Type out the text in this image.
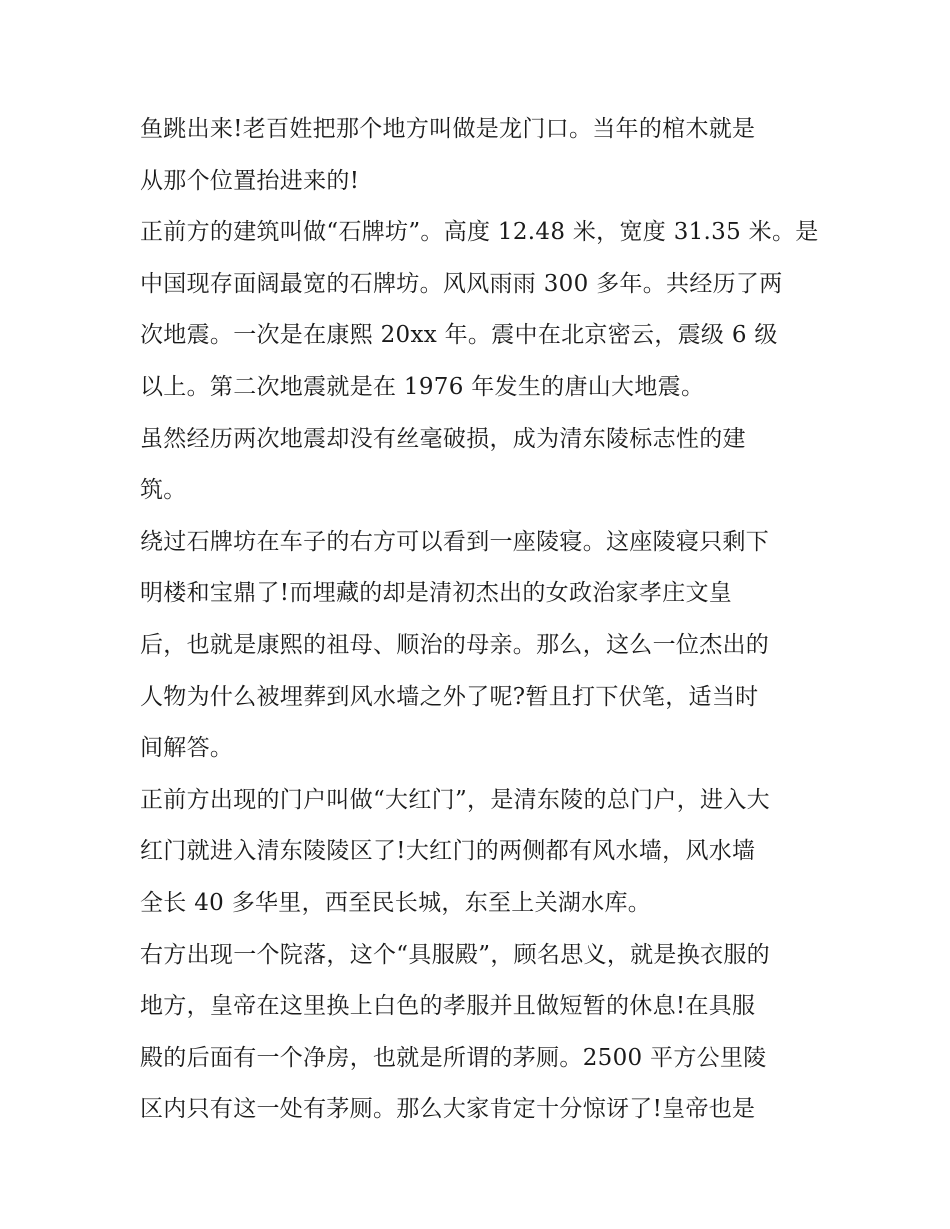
鱼跳出来!老百姓把那个地方叫做是龙门口。当年的棺木就是
从那个位置抬进来的!
正前方的建筑叫做“石牌坊”。高度 12.48 米，宽度 31.35 米。是
中国现存面阔最宽的石牌坊。风风雨雨 300 多年。共经历了两
次地震。一次是在康熙 20xx 年。震中在北京密云，震级 6 级
以上。第二次地震就是在 1976 年发生的唐山大地震。
虽然经历两次地震却没有丝毫破损，成为清东陵标志性的建
筑。
绕过石牌坊在车子的右方可以看到一座陵寝。这座陵寝只剩下
明楼和宝鼎了!而埋藏的却是清初杰出的女政治家孝庄文皇
后，也就是康熙的祖母、顺治的母亲。那么，这么一位杰出的
人物为什么被埋葬到风水墙之外了呢?暂且打下伏笔，适当时
间解答。
正前方出现的门户叫做“大红门”，是清东陵的总门户，进入大
红门就进入清东陵陵区了!大红门的两侧都有风水墙，风水墙
全长 40 多华里，西至民长城，东至上关湖水库。
右方出现一个院落，这个“具服殿”，顾名思义，就是换衣服的
地方，皇帝在这里换上白色的孝服并且做短暂的休息!在具服
殿的后面有一个净房，也就是所谓的茅厕。2500 平方公里陵
区内只有这一处有茅厕。那么大家肯定十分惊讶了!皇帝也是
